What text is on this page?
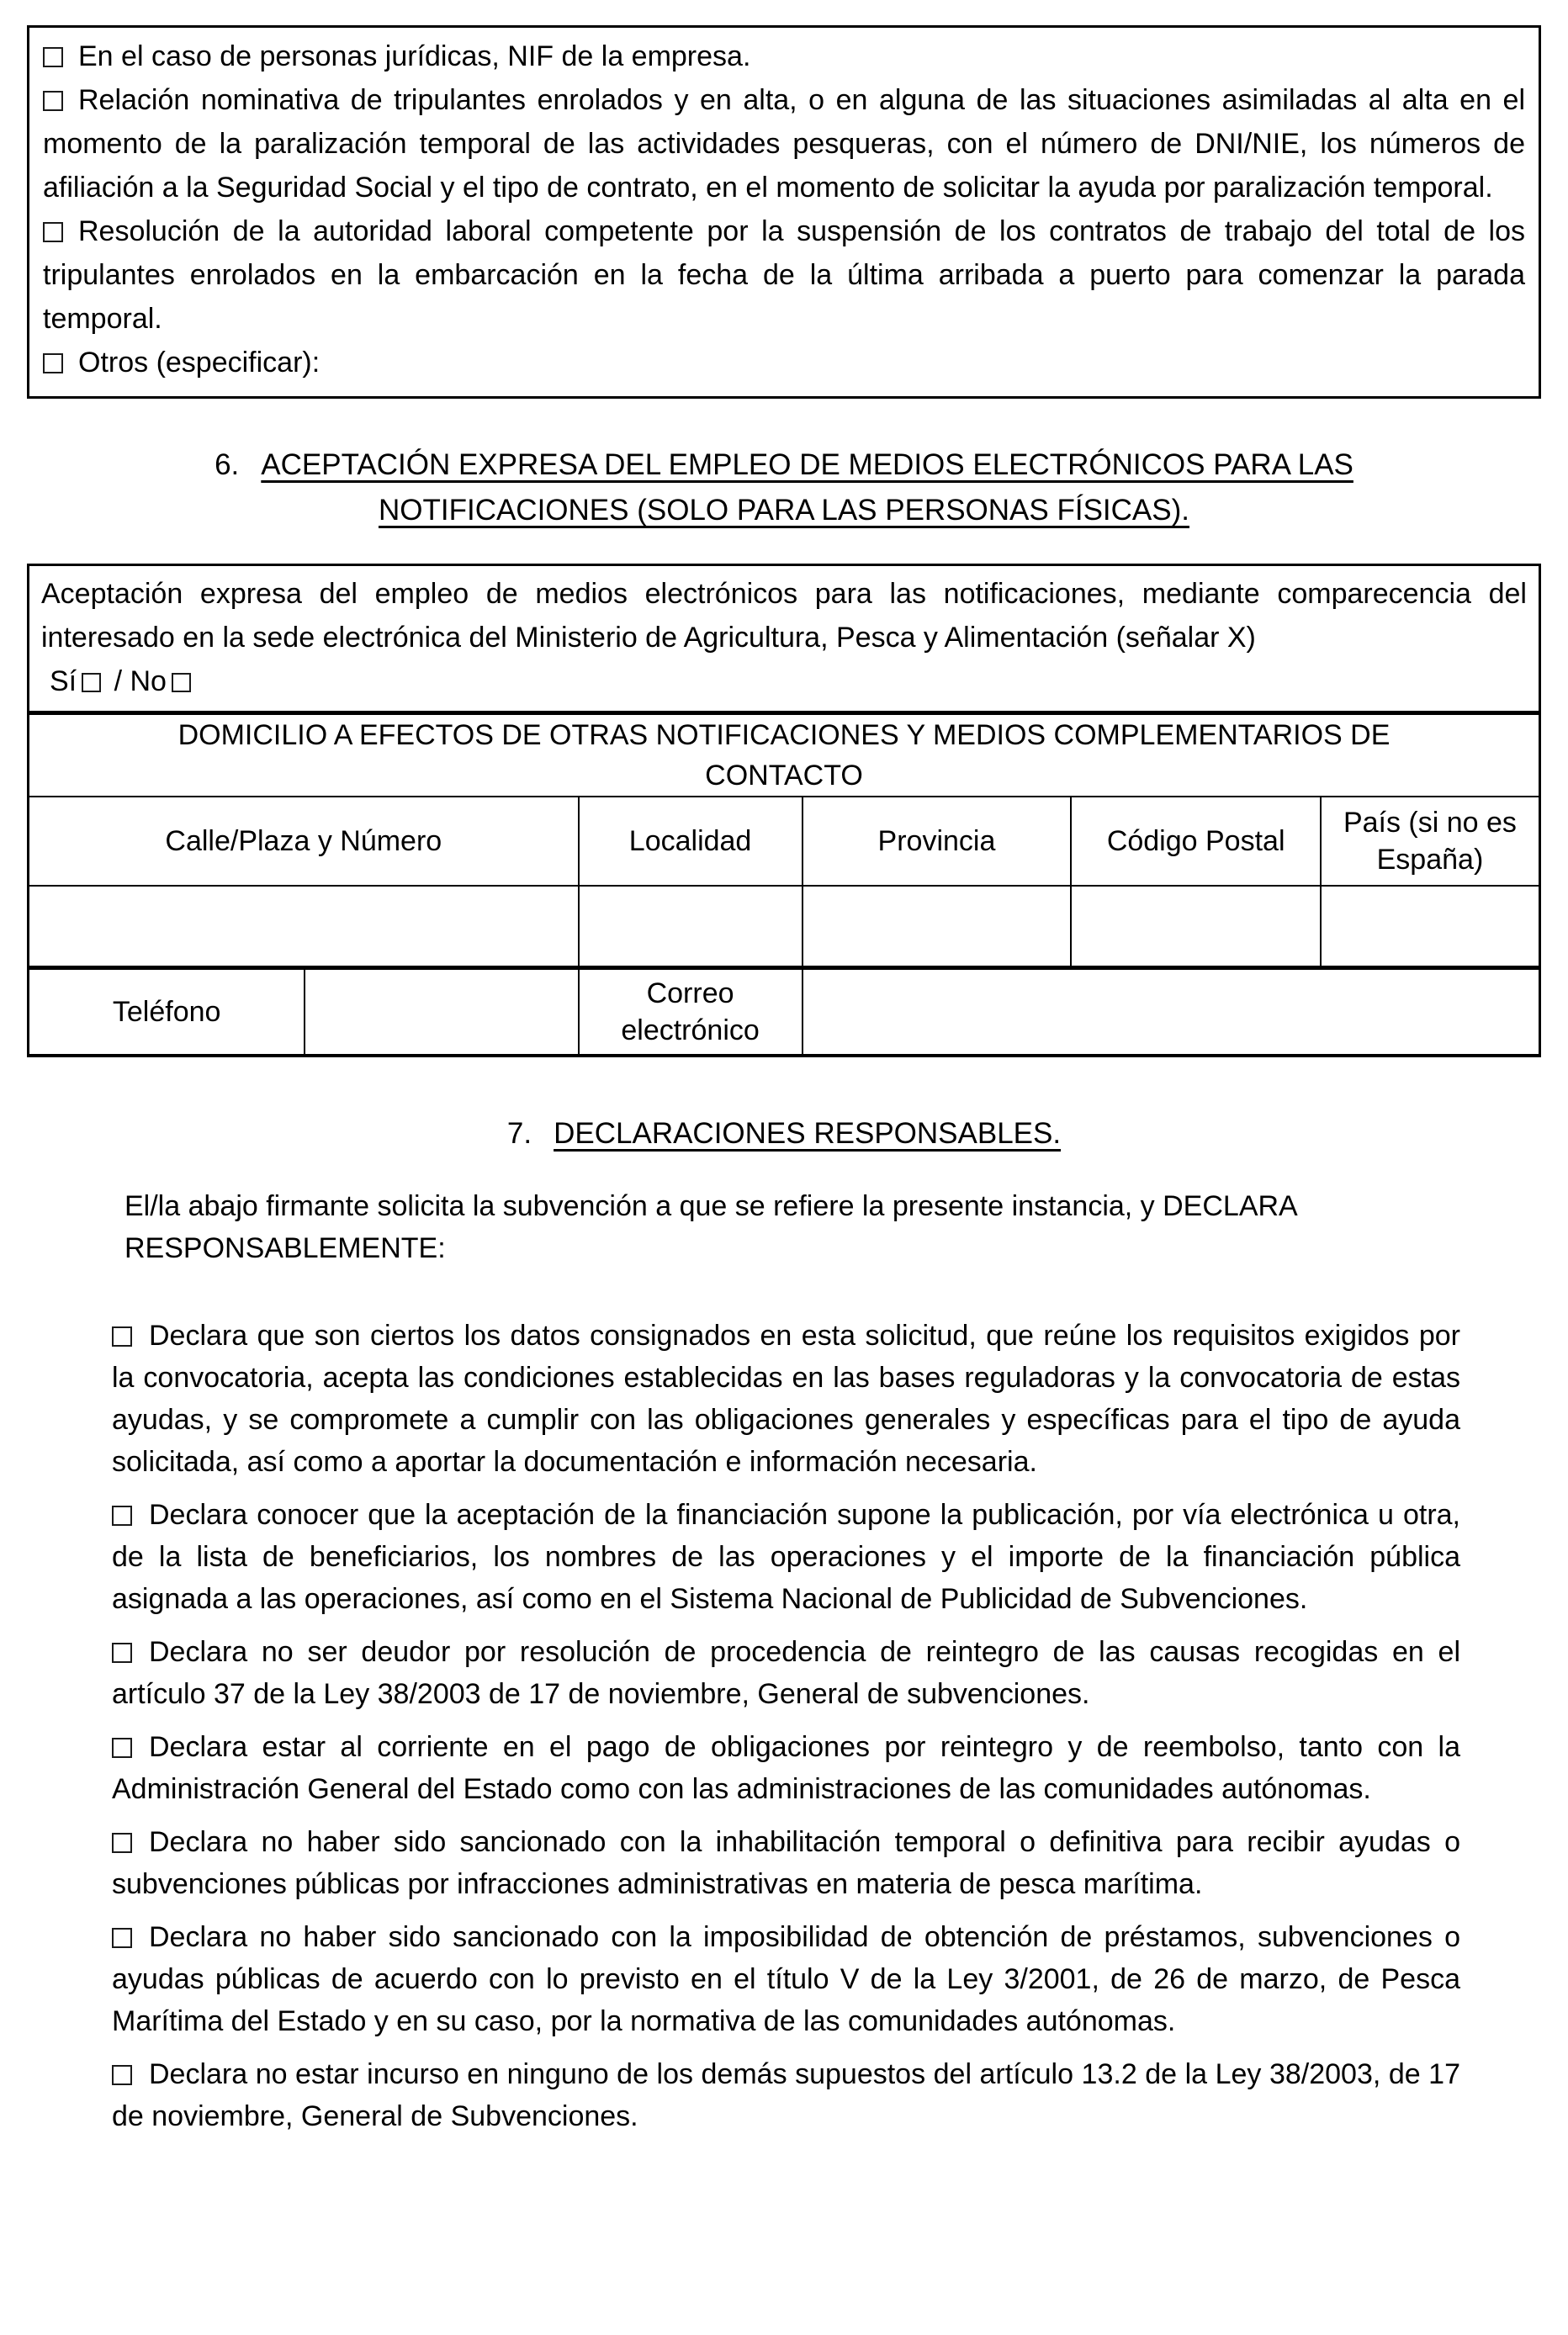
En el caso de personas jurídicas, NIF de la empresa.
Relación nominativa de tripulantes enrolados y en alta, o en alguna de las situaciones asimiladas al alta en el momento de la paralización temporal de las actividades pesqueras, con el número de DNI/NIE, los números de afiliación a la Seguridad Social y el tipo de contrato, en el momento de solicitar la ayuda por paralización temporal.
Resolución de la autoridad laboral competente por la suspensión de los contratos de trabajo del total de los tripulantes enrolados en la embarcación en la fecha de la última arribada a puerto para comenzar la parada temporal.
Otros (especificar):
6. ACEPTACIÓN EXPRESA DEL EMPLEO DE MEDIOS ELECTRÓNICOS PARA LAS
NOTIFICACIONES (SOLO PARA LAS PERSONAS FÍSICAS).
Aceptación expresa del empleo de medios electrónicos para las notificaciones, mediante comparecencia del interesado en la sede electrónica del Ministerio de Agricultura, Pesca y Alimentación (señalar X)
Sí / No					

DOMICILIO A EFECTOS DE OTRAS NOTIFICACIONES Y MEDIOS COMPLEMENTARIOS DE CONTACTO					

Calle/Plaza y Número		Localidad	Provincia	Código Postal	País (si no es España)

Teléfono		Correo electrónico			
7. DECLARACIONES RESPONSABLES.
El/la abajo firmante solicita la subvención a que se refiere la presente instancia, y DECLARA RESPONSABLEMENTE:
Declara que son ciertos los datos consignados en esta solicitud, que reúne los requisitos exigidos por la convocatoria, acepta las condiciones establecidas en las bases reguladoras y la convocatoria de estas ayudas, y se compromete a cumplir con las obligaciones generales y específicas para el tipo de ayuda solicitada, así como a aportar la documentación e información necesaria.
Declara conocer que la aceptación de la financiación supone la publicación, por vía electrónica u otra, de la lista de beneficiarios, los nombres de las operaciones y el importe de la financiación pública asignada a las operaciones, así como en el Sistema Nacional de Publicidad de Subvenciones.
Declara no ser deudor por resolución de procedencia de reintegro de las causas recogidas en el artículo 37 de la Ley 38/2003 de 17 de noviembre, General de subvenciones.
Declara estar al corriente en el pago de obligaciones por reintegro y de reembolso, tanto con la Administración General del Estado como con las administraciones de las comunidades autónomas.
Declara no haber sido sancionado con la inhabilitación temporal o definitiva para recibir ayudas o subvenciones públicas por infracciones administrativas en materia de pesca marítima.
Declara no haber sido sancionado con la imposibilidad de obtención de préstamos, subvenciones o ayudas públicas de acuerdo con lo previsto en el título V de la Ley 3/2001, de 26 de marzo, de Pesca Marítima del Estado y en su caso, por la normativa de las comunidades autónomas.
Declara no estar incurso en ninguno de los demás supuestos del artículo 13.2 de la Ley 38/2003, de 17 de noviembre, General de Subvenciones.
